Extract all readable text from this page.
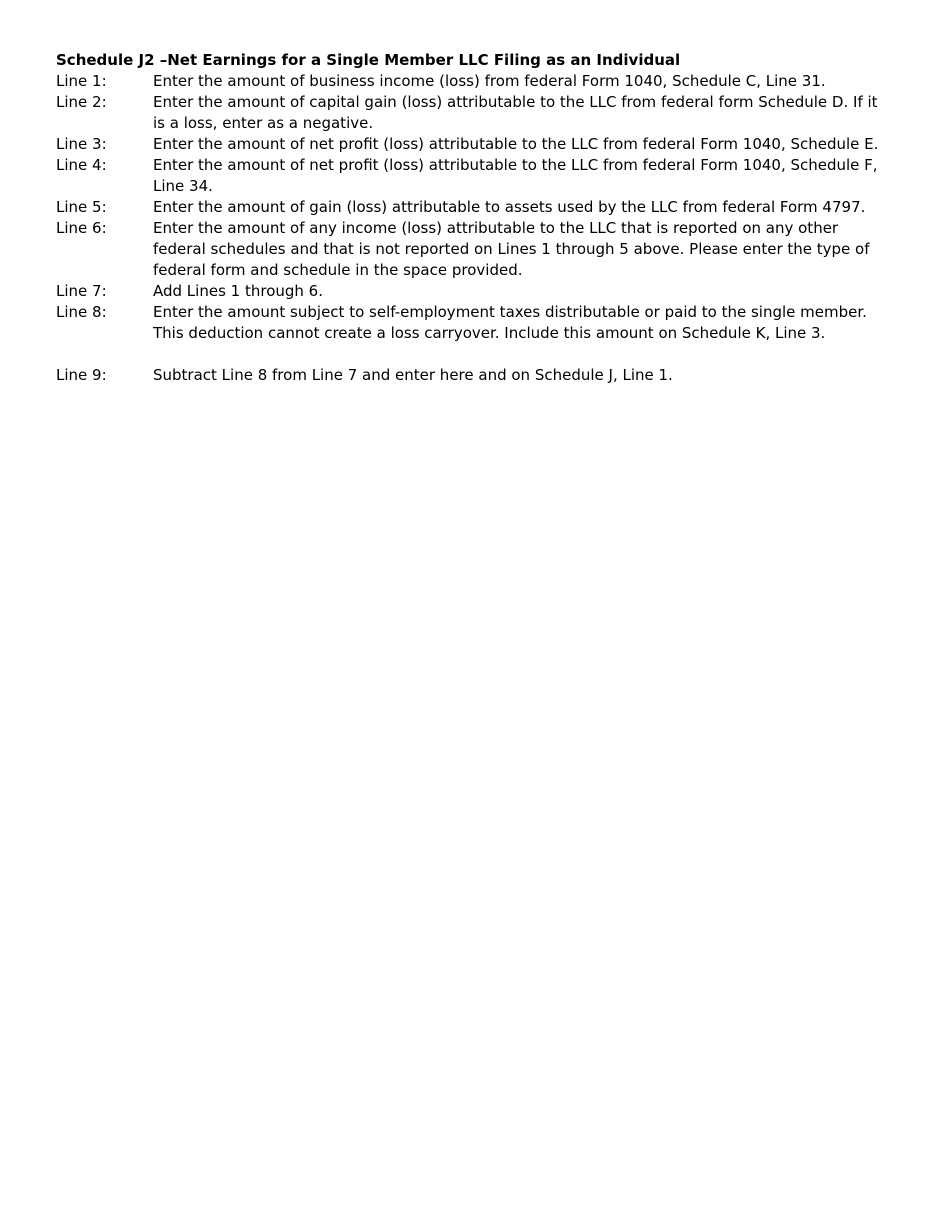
Schedule J2 –Net Earnings for a Single Member LLC Filing as an Individual
Line 1:	Enter the amount of business income (loss) from federal Form 1040, Schedule C, Line 31.
Line 2:	Enter the amount of capital gain (loss) attributable to the LLC from federal form Schedule D. If it is a loss, enter as a negative.
Line 3:	Enter the amount of net profit (loss) attributable to the LLC from federal Form 1040, Schedule E.
Line 4:	Enter the amount of net profit (loss) attributable to the LLC from federal Form 1040, Schedule F, Line 34.
Line 5:	Enter the amount of gain (loss) attributable to assets used by the LLC from federal Form 4797.
Line 6:	Enter the amount of any income (loss) attributable to the LLC that is reported on any other federal schedules and that is not reported on Lines 1 through 5 above. Please enter the type of federal form and schedule in the space provided.
Line 7:	Add Lines 1 through 6.
Line 8:	Enter the amount subject to self-employment taxes distributable or paid to the single member. This deduction cannot create a loss carryover. Include this amount on Schedule K, Line 3.
Line 9:	Subtract Line 8 from Line 7 and enter here and on Schedule J, Line 1.
